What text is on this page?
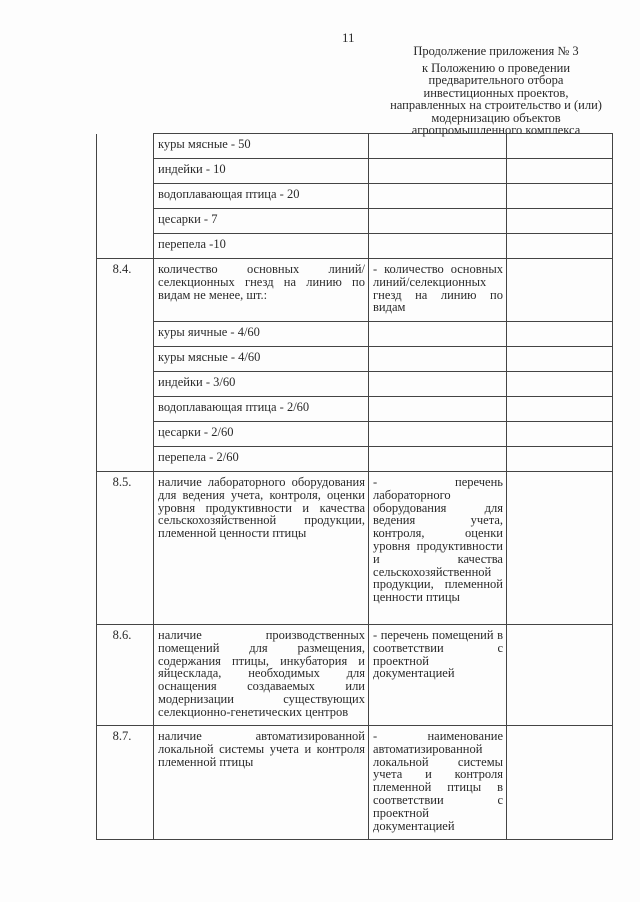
11
Продолжение приложения № 3
к Положению о проведении предварительного отбора инвестиционных проектов, направленных на строительство и (или) модернизацию объектов агропромышленного комплекса
	куры мясные - 50		
	индейки - 10		
	водоплавающая птица - 20		
	цесарки - 7		
	перепела -10		
8.4.	количество основных линий/селекционных гнезд на линию по видам не менее, шт.:	- количество основных линий/селекционных гнезд на линию по видам	
	куры яичные - 4/60		
	куры мясные - 4/60		
	индейки - 3/60		
	водоплавающая птица - 2/60		
	цесарки - 2/60		
	перепела - 2/60		
8.5.	наличие лабораторного оборудования для ведения учета, контроля, оценки уровня продуктивности и качества сельскохозяйственной продукции, племенной ценности птицы	- перечень лабораторного оборудования для ведения учета, контроля, оценки уровня продуктивности и качества сельскохозяйственной продукции, племенной ценности птицы	
8.6.	наличие производственных помещений для размещения, содержания птицы, инкубатория и яйцесклада, необходимых для оснащения создаваемых или модернизации существующих селекционно-генетических центров	- перечень помещений в соответствии с проектной документацией	
8.7.	наличие автоматизированной локальной системы учета и контроля племенной птицы	- наименование автоматизированной локальной системы учета и контроля племенной птицы в соответствии с проектной документацией	
